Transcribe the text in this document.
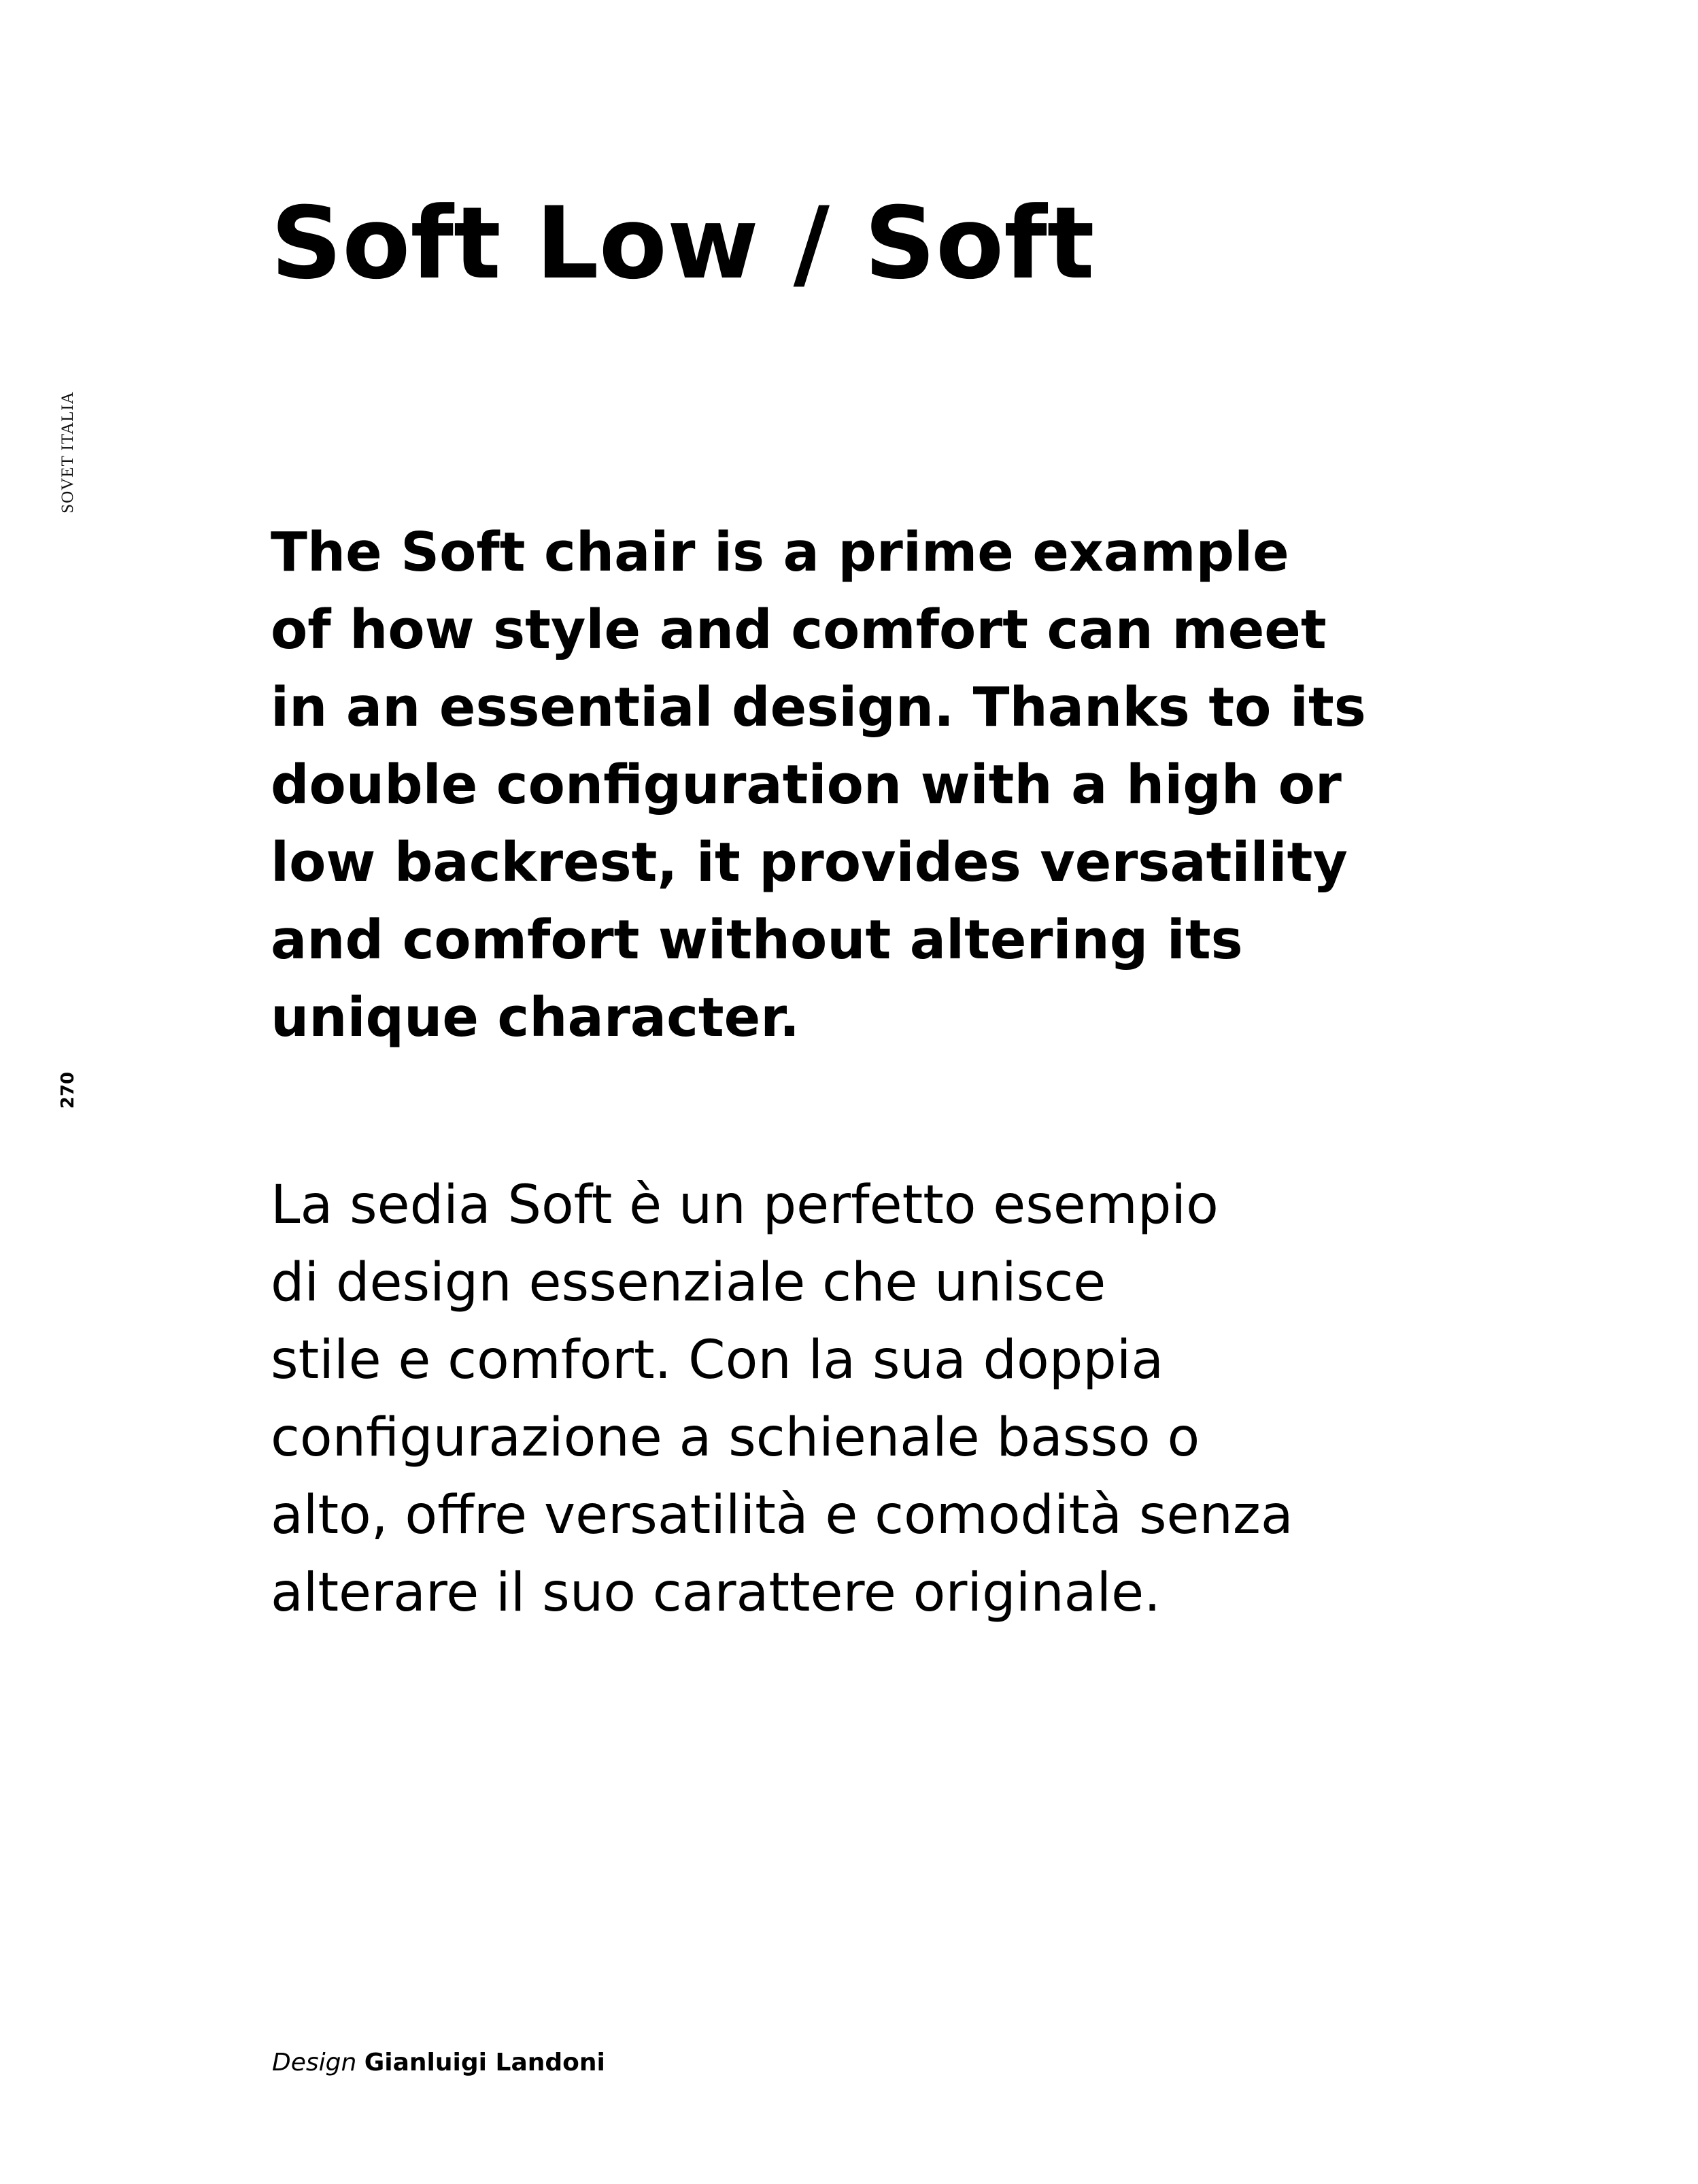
SOVET ITALIA
270
Soft Low / Soft

The Soft chair is a prime example
of how style and comfort can meet
in an essential design. Thanks to its
double configuration with a high or
low backrest, it provides versatility
and comfort without altering its
unique character.

La sedia Soft è un perfetto esempio
di design essenziale che unisce
stile e comfort. Con la sua doppia
configurazione a schienale basso o
alto, offre versatilità e comodità senza
alterare il suo carattere originale.

Design Gianluigi Landoni
